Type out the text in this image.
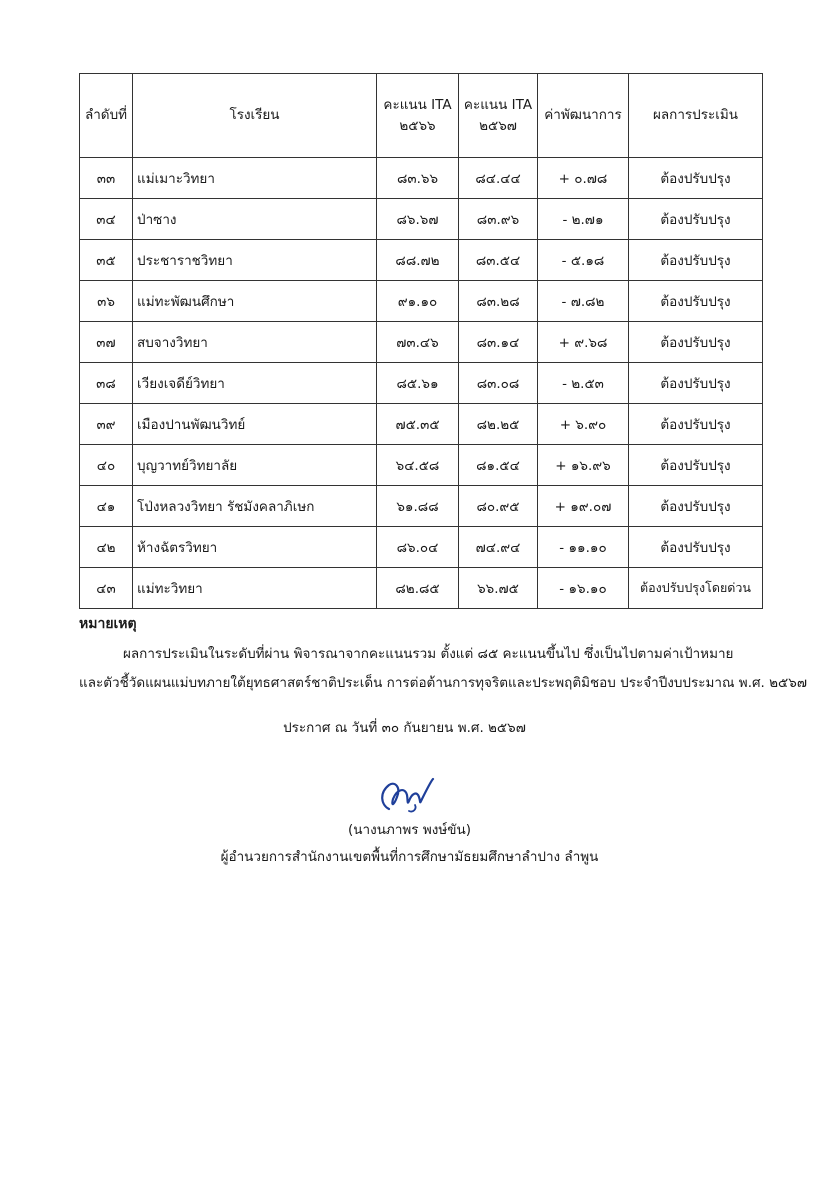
ลำดับที่	โรงเรียน	คะแนน ITA ๒๕๖๖	คะแนน ITA ๒๕๖๗	ค่าพัฒนาการ	ผลการประเมิน
๓๓	แม่เมาะวิทยา	๘๓.๖๖	๘๔.๔๔	+ ๐.๗๘	ต้องปรับปรุง
๓๔	ป่าซาง	๘๖.๖๗	๘๓.๙๖	- ๒.๗๑	ต้องปรับปรุง
๓๕	ประชาราชวิทยา	๘๘.๗๒	๘๓.๕๔	- ๕.๑๘	ต้องปรับปรุง
๓๖	แม่ทะพัฒนศึกษา	๙๑.๑๐	๘๓.๒๘	- ๗.๘๒	ต้องปรับปรุง
๓๗	สบจางวิทยา	๗๓.๔๖	๘๓.๑๔	+ ๙.๖๘	ต้องปรับปรุง
๓๘	เวียงเจดีย์วิทยา	๘๕.๖๑	๘๓.๐๘	- ๒.๕๓	ต้องปรับปรุง
๓๙	เมืองปานพัฒนวิทย์	๗๕.๓๕	๘๒.๒๕	+ ๖.๙๐	ต้องปรับปรุง
๔๐	บุญวาทย์วิทยาลัย	๖๔.๕๘	๘๑.๕๔	+ ๑๖.๙๖	ต้องปรับปรุง
๔๑	โป่งหลวงวิทยา รัชมังคลาภิเษก	๖๑.๘๘	๘๐.๙๕	+ ๑๙.๐๗	ต้องปรับปรุง
๔๒	ห้างฉัตรวิทยา	๘๖.๐๔	๗๔.๙๔	- ๑๑.๑๐	ต้องปรับปรุง
๔๓	แม่ทะวิทยา	๘๒.๘๕	๖๖.๗๕	- ๑๖.๑๐	ต้องปรับปรุงโดยด่วน
หมายเหตุ
ผลการประเมินในระดับที่ผ่าน พิจารณาจากคะแนนรวม ตั้งแต่ ๘๕ คะแนนขึ้นไป ซึ่งเป็นไปตามค่าเป้าหมาย
และตัวชี้วัดแผนแม่บทภายใต้ยุทธศาสตร์ชาติประเด็น การต่อต้านการทุจริตและประพฤติมิชอบ ประจำปีงบประมาณ พ.ศ. ๒๕๖๗
ประกาศ ณ วันที่ ๓๐ กันยายน พ.ศ. ๒๕๖๗
(นางนภาพร พงษ์ขัน)
ผู้อำนวยการสำนักงานเขตพื้นที่การศึกษามัธยมศึกษาลำปาง ลำพูน
